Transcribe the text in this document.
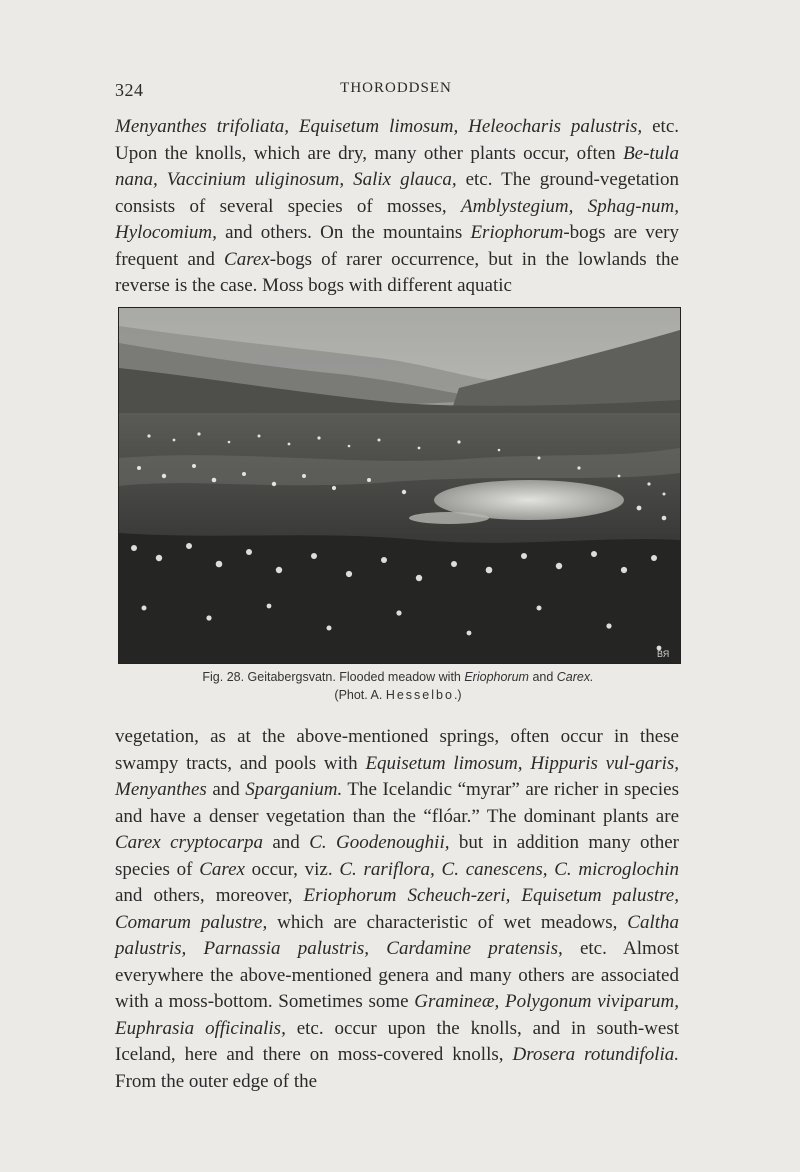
324	THORODDSEN

Menyanthes trifoliata, Equisetum limosum, Heleocharis palustris, etc. Upon the knolls, which are dry, many other plants occur, often Be-tula nana, Vaccinium uliginosum, Salix glauca, etc. The ground-vegetation consists of several species of mosses, Amblystegium, Sphag-num, Hylocomium, and others. On the mountains Eriophorum-bogs are very frequent and Carex-bogs of rarer occurrence, but in the lowlands the reverse is the case. Moss bogs with different aquatic

ВЯ
Fig. 28. Geitabergsvatn. Flooded meadow with Eriophorum and Carex.
(Phot. A. Hesselbo.)

vegetation, as at the above-mentioned springs, often occur in these swampy tracts, and pools with Equisetum limosum, Hippuris vul-garis, Menyanthes and Sparganium. The Icelandic “myrar” are richer in species and have a denser vegetation than the “flóar.” The dominant plants are Carex cryptocarpa and C. Goodenoughii, but in addition many other species of Carex occur, viz. C. rariflora, C. canescens, C. microglochin and others, moreover, Eriophorum Scheuch-zeri, Equisetum palustre, Comarum palustre, which are characteristic of wet meadows, Caltha palustris, Parnassia palustris, Cardamine pratensis, etc. Almost everywhere the above-mentioned genera and many others are associated with a moss-bottom. Sometimes some Gramineæ, Polygonum viviparum, Euphrasia officinalis, etc. occur upon the knolls, and in south-west Iceland, here and there on moss-covered knolls, Drosera rotundifolia. From the outer edge of the
